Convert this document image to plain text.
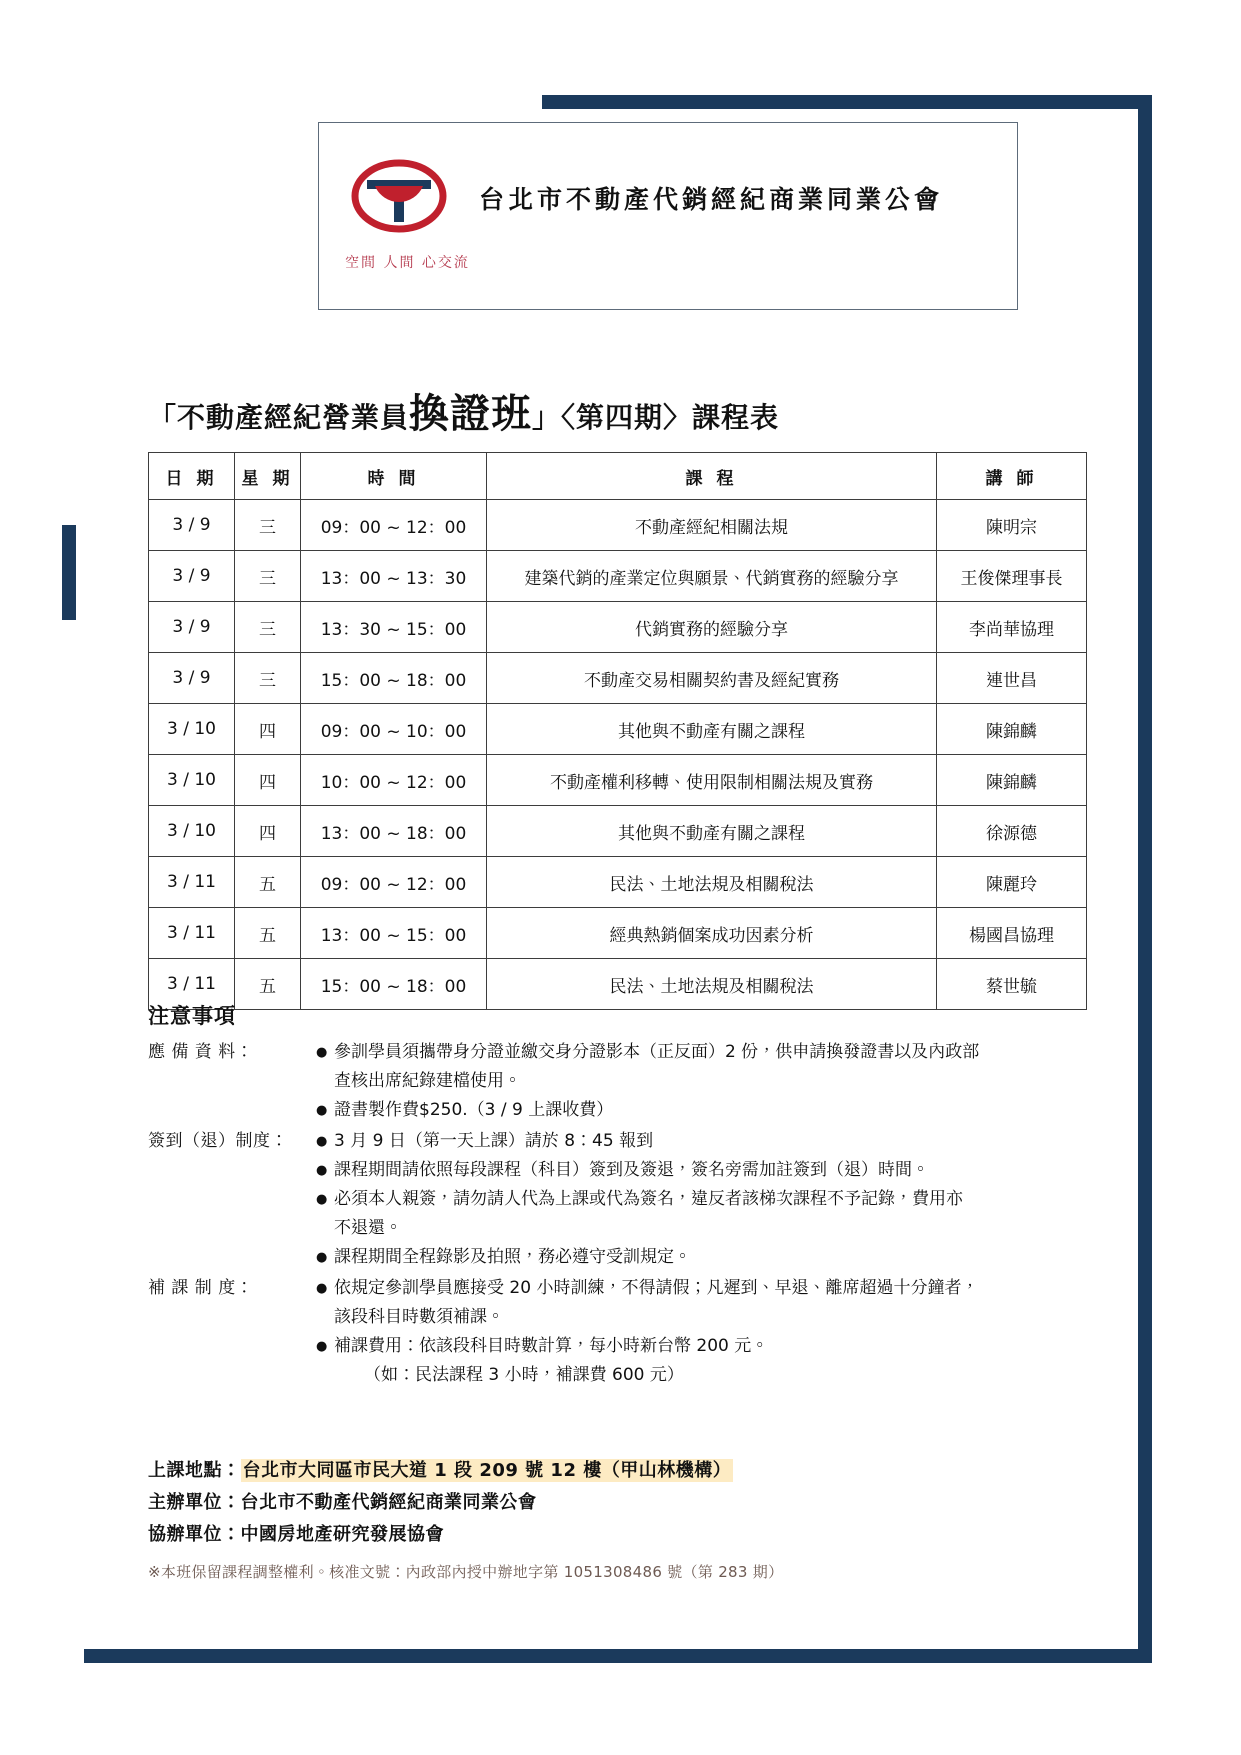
台北市不動產代銷經紀商業同業公會
空間 人間 心交流
「不動產經紀營業員換證班」〈第四期〉課程表
日 期	星 期	時 間	課 程	講 師
3 / 9	三	09：00 ~ 12：00	不動產經紀相關法規	陳明宗
3 / 9	三	13：00 ~ 13：30	建築代銷的產業定位與願景、代銷實務的經驗分享	王俊傑理事長
3 / 9	三	13：30 ~ 15：00	代銷實務的經驗分享	李尚華協理
3 / 9	三	15：00 ~ 18：00	不動產交易相關契約書及經紀實務	連世昌
3 / 10	四	09：00 ~ 10：00	其他與不動產有關之課程	陳錦麟
3 / 10	四	10：00 ~ 12：00	不動產權利移轉、使用限制相關法規及實務	陳錦麟
3 / 10	四	13：00 ~ 18：00	其他與不動產有關之課程	徐源德
3 / 11	五	09：00 ~ 12：00	民法、土地法規及相關稅法	陳麗玲
3 / 11	五	13：00 ~ 15：00	經典熱銷個案成功因素分析	楊國昌協理
3 / 11	五	15：00 ~ 18：00	民法、土地法規及相關稅法	蔡世毓
注意事項
應 備 資 料：	● 參訓學員須攜帶身分證並繳交身分證影本（正反面）2 份，供申請換發證書以及內政部
查核出席紀錄建檔使用。
● 證書製作費$250.（3 / 9 上課收費）
簽到（退）制度：	● 3 月 9 日（第一天上課）請於 8：45 報到
● 課程期間請依照每段課程（科目）簽到及簽退，簽名旁需加註簽到（退）時間。
● 必須本人親簽，請勿請人代為上課或代為簽名，違反者該梯次課程不予記錄，費用亦
不退還。
● 課程期間全程錄影及拍照，務必遵守受訓規定。
補 課 制 度：	● 依規定參訓學員應接受 20 小時訓練，不得請假；凡遲到、早退、離席超過十分鐘者，
該段科目時數須補課。
● 補課費用：依該段科目時數計算，每小時新台幣 200 元。
（如：民法課程 3 小時，補課費 600 元）
上課地點： 台北市大同區市民大道 1 段 209 號 12 樓（甲山林機構）
主辦單位：台北市不動產代銷經紀商業同業公會
協辦單位：中國房地產研究發展協會
※本班保留課程調整權利。核准文號：內政部內授中辦地字第 1051308486 號（第 283 期）
